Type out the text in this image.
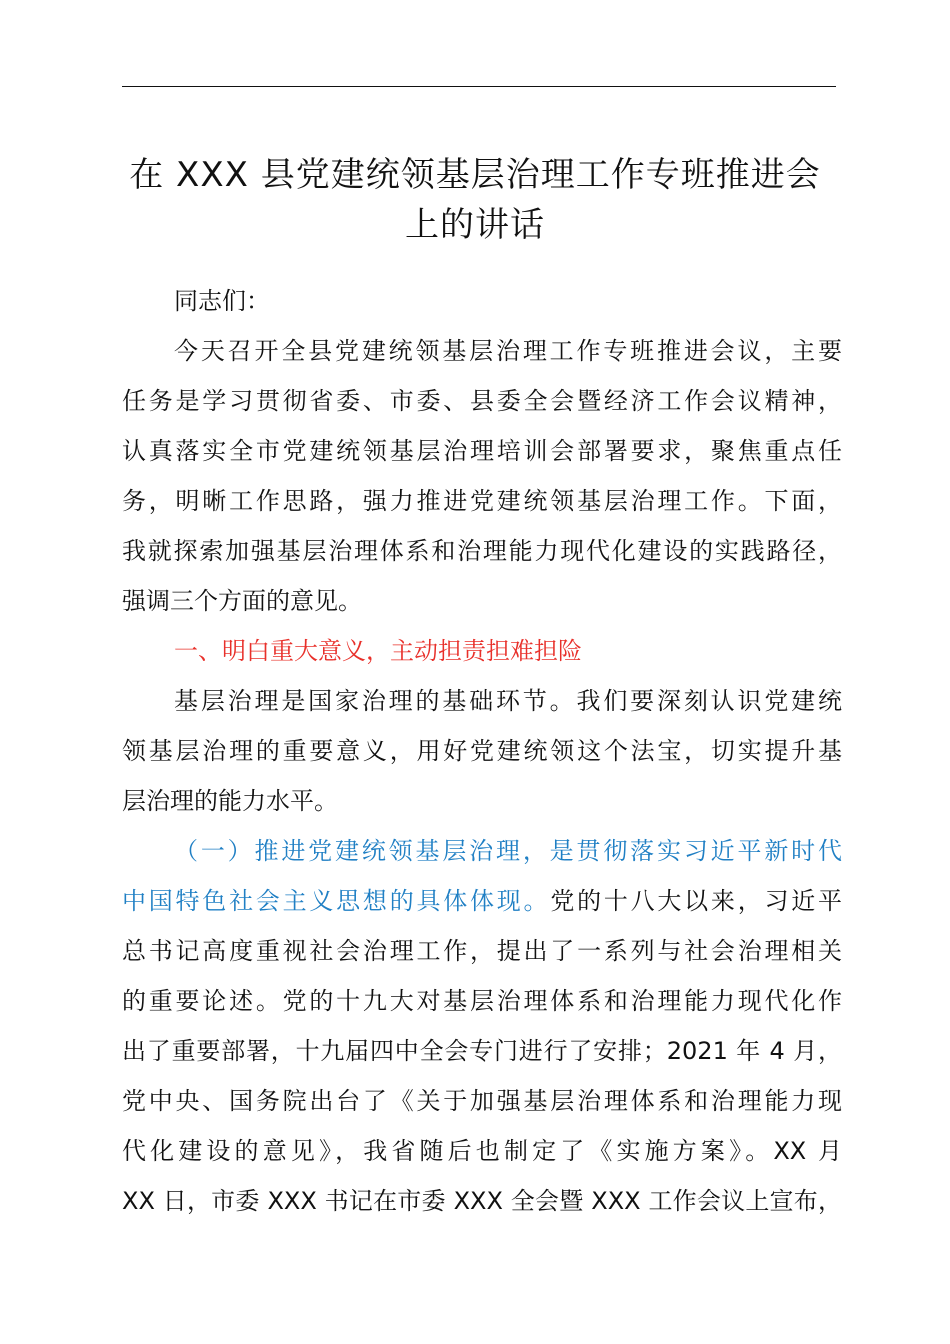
在 XXX 县党建统领基层治理工作专班推进会
上的讲话
同志们：
今天召开全县党建统领基层治理工作专班推进会议，主要
任务是学习贯彻省委、市委、县委全会暨经济工作会议精神，
认真落实全市党建统领基层治理培训会部署要求，聚焦重点任
务，明晰工作思路，强力推进党建统领基层治理工作。下面，
我就探索加强基层治理体系和治理能力现代化建设的实践路径，
强调三个方面的意见。
一、明白重大意义，主动担责担难担险
基层治理是国家治理的基础环节。我们要深刻认识党建统
领基层治理的重要意义，用好党建统领这个法宝，切实提升基
层治理的能力水平。
（一）推进党建统领基层治理，是贯彻落实习近平新时代
中国特色社会主义思想的具体体现。党的十八大以来，习近平
总书记高度重视社会治理工作，提出了一系列与社会治理相关
的重要论述。党的十九大对基层治理体系和治理能力现代化作
出了重要部署，十九届四中全会专门进行了安排；2021 年 4 月，
党中央、国务院出台了《关于加强基层治理体系和治理能力现
代化建设的意见》，我省随后也制定了《实施方案》。XX 月
XX 日，市委 XXX 书记在市委 XXX 全会暨 XXX 工作会议上宣布，
